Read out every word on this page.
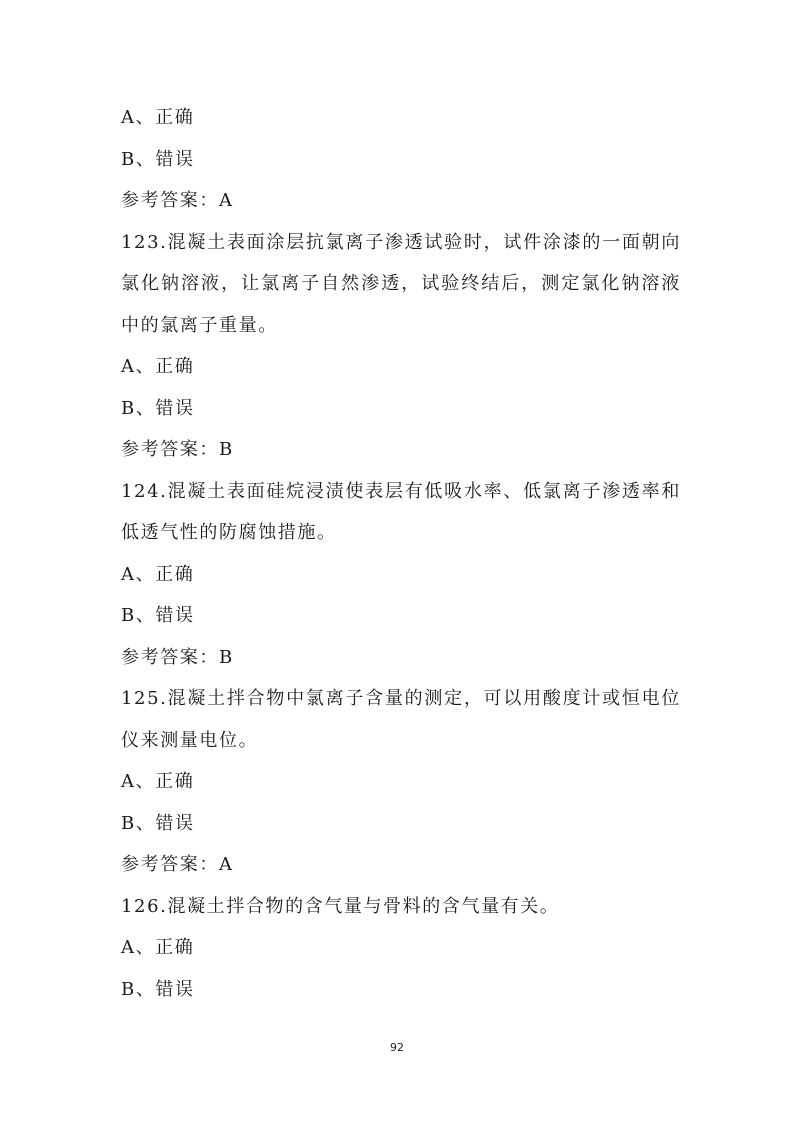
A、正确
B、错误
参考答案：A
123.混凝土表面涂层抗氯离子渗透试验时，试件涂漆的一面朝向氯化钠溶液，让氯离子自然渗透，试验终结后，测定氯化钠溶液中的氯离子重量。
A、正确
B、错误
参考答案：B
124.混凝土表面硅烷浸渍使表层有低吸水率、低氯离子渗透率和低透气性的防腐蚀措施。
A、正确
B、错误
参考答案：B
125.混凝土拌合物中氯离子含量的测定，可以用酸度计或恒电位仪来测量电位。
A、正确
B、错误
参考答案：A
126.混凝土拌合物的含气量与骨料的含气量有关。
A、正确
B、错误
92
